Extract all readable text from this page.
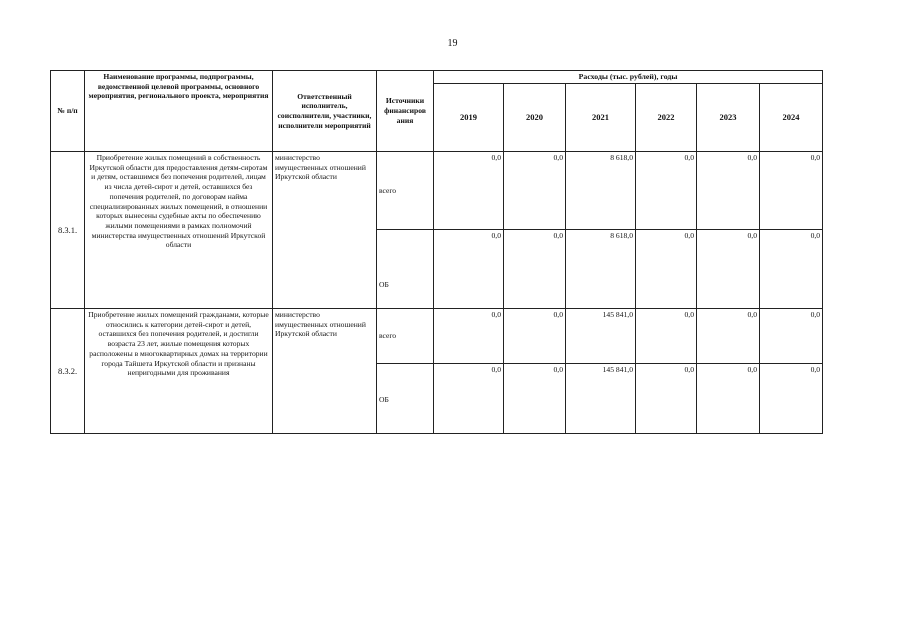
19
№ п/п	Наименование программы, подпрограммы, ведомственной целевой программы, основного мероприятия, регионального проекта, мероприятия	Ответственный исполнитель, соисполнители, участники, исполнители мероприятий	Источники финансиров ания	Расходы (тыс. рублей), годы					
				2019	2020	2021	2022	2023	2024
8.3.1.	Приобретение жилых помещений в собственность Иркутской области для предоставления детям-сиротам и детям, оставшимся без попечения родителей, лицам из числа детей-сирот и детей, оставшихся без попечения родителей, по договорам найма специализированных жилых помещений, в отношении которых вынесены судебные акты по обеспечению жилыми помещениями в рамках полномочий министерства имущественных отношений Иркутской области	министерство имущественных отношений Иркутской области	всего	0,0	0,0	8 618,0	0,0	0,0	0,0
			ОБ	0,0	0,0	8 618,0	0,0	0,0	0,0
8.3.2.	Приобретение жилых помещений гражданами, которые относились к категории детей-сирот и детей, оставшихся без попечения родителей, и достигли возраста 23 лет, жилые помещения которых расположены в многоквартирных домах на территории города Тайшета Иркутской области и признаны непригодными для проживания	министерство имущественных отношений Иркутской области	всего	0,0	0,0	145 841,0	0,0	0,0	0,0
			ОБ	0,0	0,0	145 841,0	0,0	0,0	0,0
